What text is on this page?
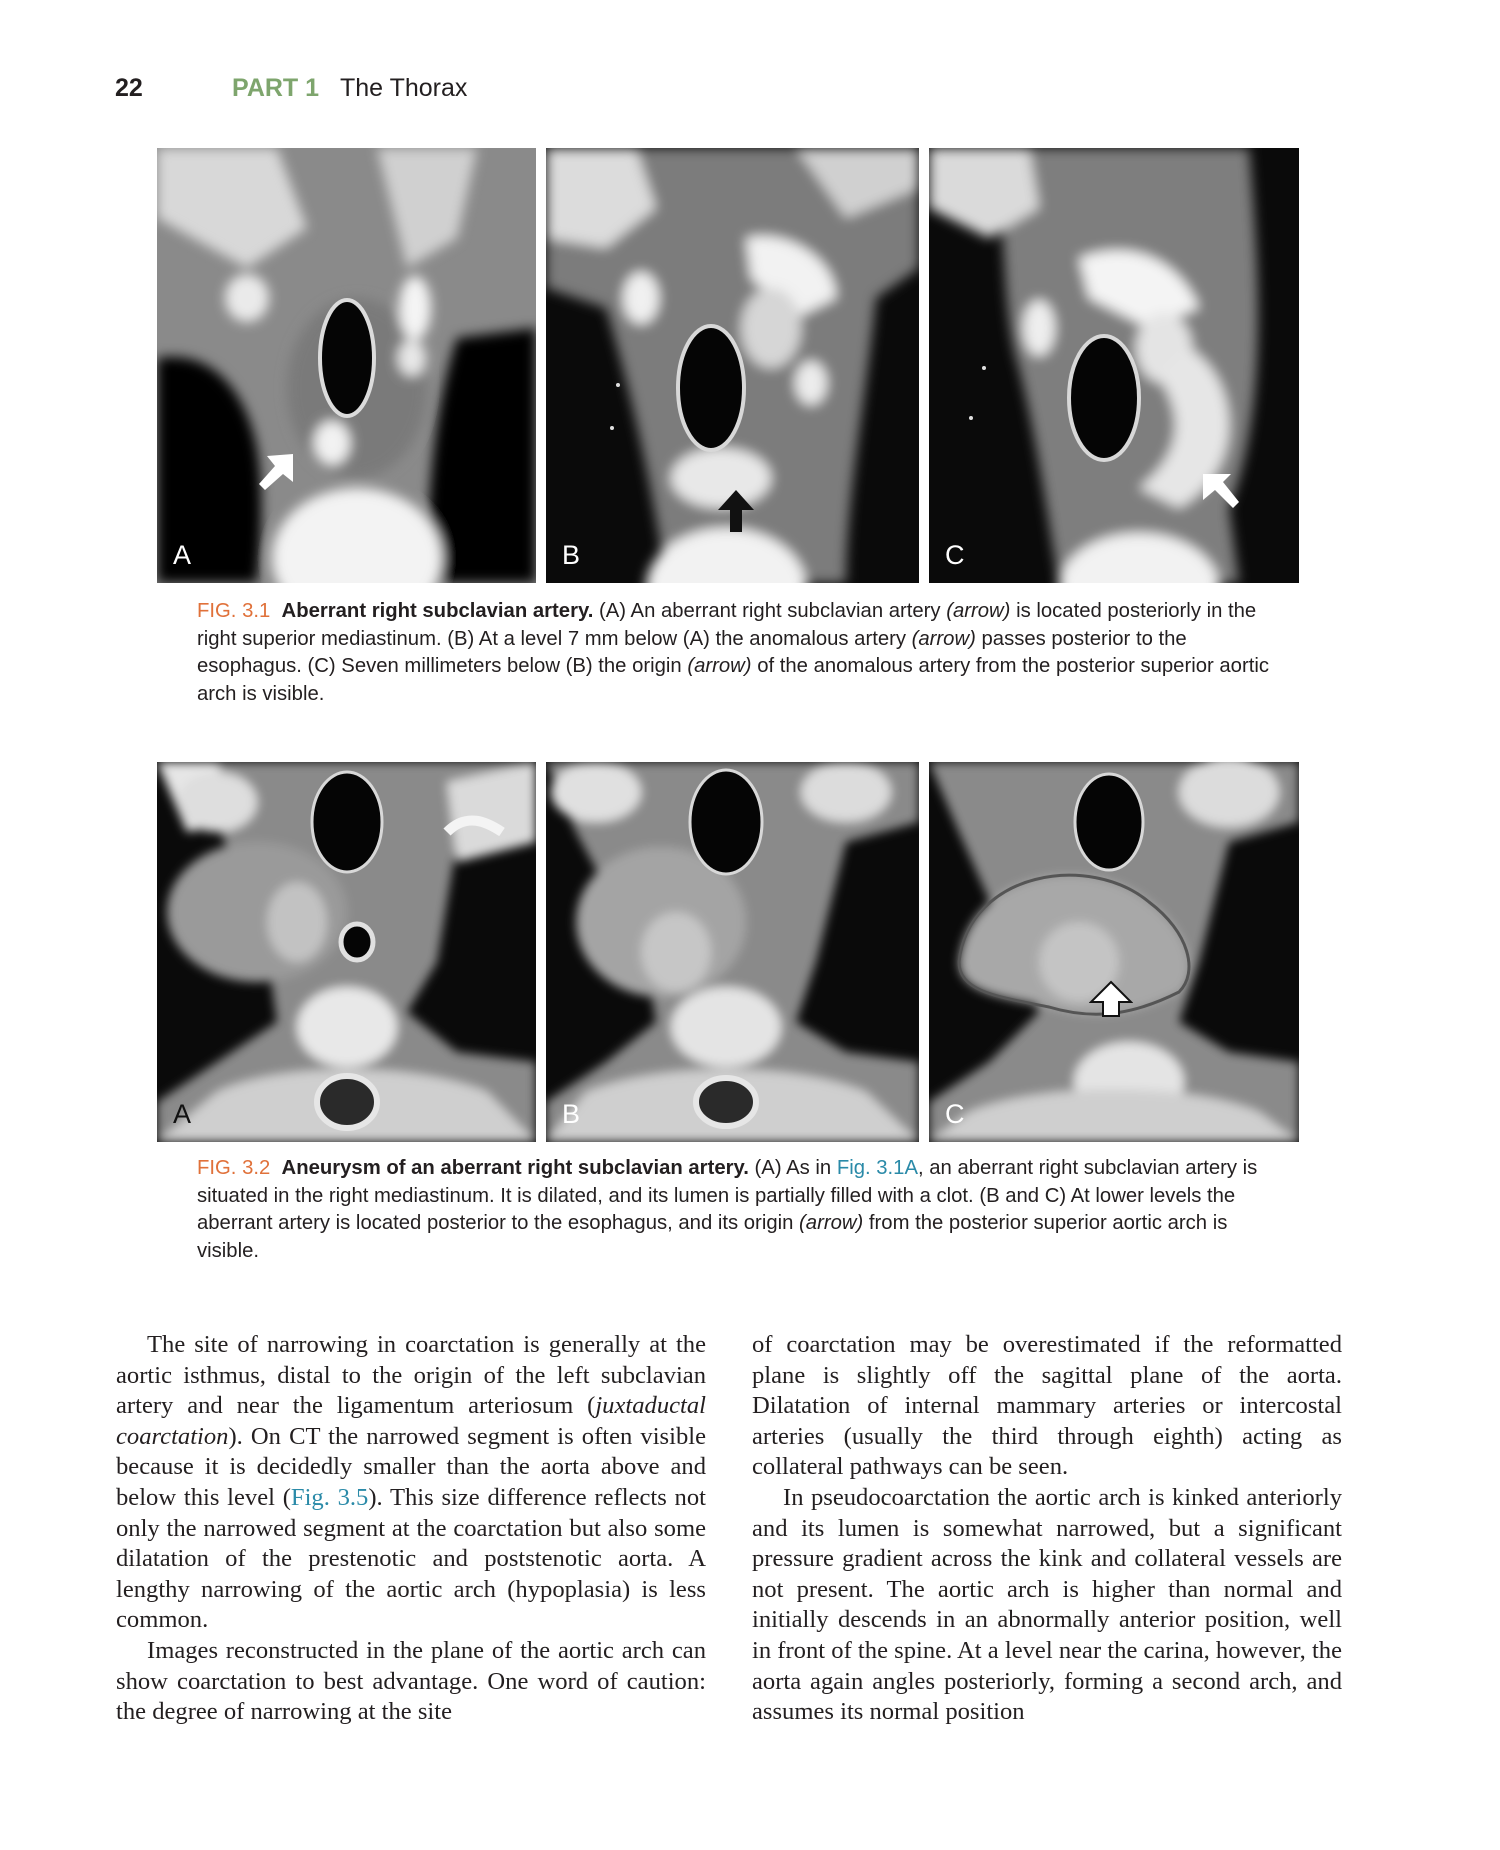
22	PART 1 The Thorax
A	B	C
FIG. 3.1 Aberrant right subclavian artery. (A) An aberrant right subclavian artery (arrow) is located posteriorly in the right superior mediastinum. (B) At a level 7 mm below (A) the anomalous artery (arrow) passes posterior to the esophagus. (C) Seven millimeters below (B) the origin (arrow) of the anomalous artery from the posterior superior aortic arch is visible.
A	B	C
FIG. 3.2 Aneurysm of an aberrant right subclavian artery. (A) As in Fig. 3.1A, an aberrant right subclavian artery is situated in the right mediastinum. It is dilated, and its lumen is partially filled with a clot. (B and C) At lower levels the aberrant artery is located posterior to the esophagus, and its origin (arrow) from the posterior superior aortic arch is visible.

The site of narrowing in coarctation is generally at the aortic isthmus, distal to the origin of the left subclavian artery and near the ligamentum arteriosum (juxtaductal coarctation). On CT the narrowed segment is often visible because it is decidedly smaller than the aorta above and below this level (Fig. 3.5). This size difference reflects not only the narrowed segment at the coarctation but also some dilatation of the prestenotic and poststenotic aorta. A lengthy narrowing of the aortic arch (hypoplasia) is less common.

Images reconstructed in the plane of the aortic arch can show coarctation to best advantage. One word of caution: the degree of narrowing at the site

of coarctation may be overestimated if the reformatted plane is slightly off the sagittal plane of the aorta. Dilatation of internal mammary arteries or intercostal arteries (usually the third through eighth) acting as collateral pathways can be seen.

In pseudocoarctation the aortic arch is kinked anteriorly and its lumen is somewhat narrowed, but a significant pressure gradient across the kink and collateral vessels are not present. The aortic arch is higher than normal and initially descends in an abnormally anterior position, well in front of the spine. At a level near the carina, however, the aorta again angles posteriorly, forming a second arch, and assumes its normal position
